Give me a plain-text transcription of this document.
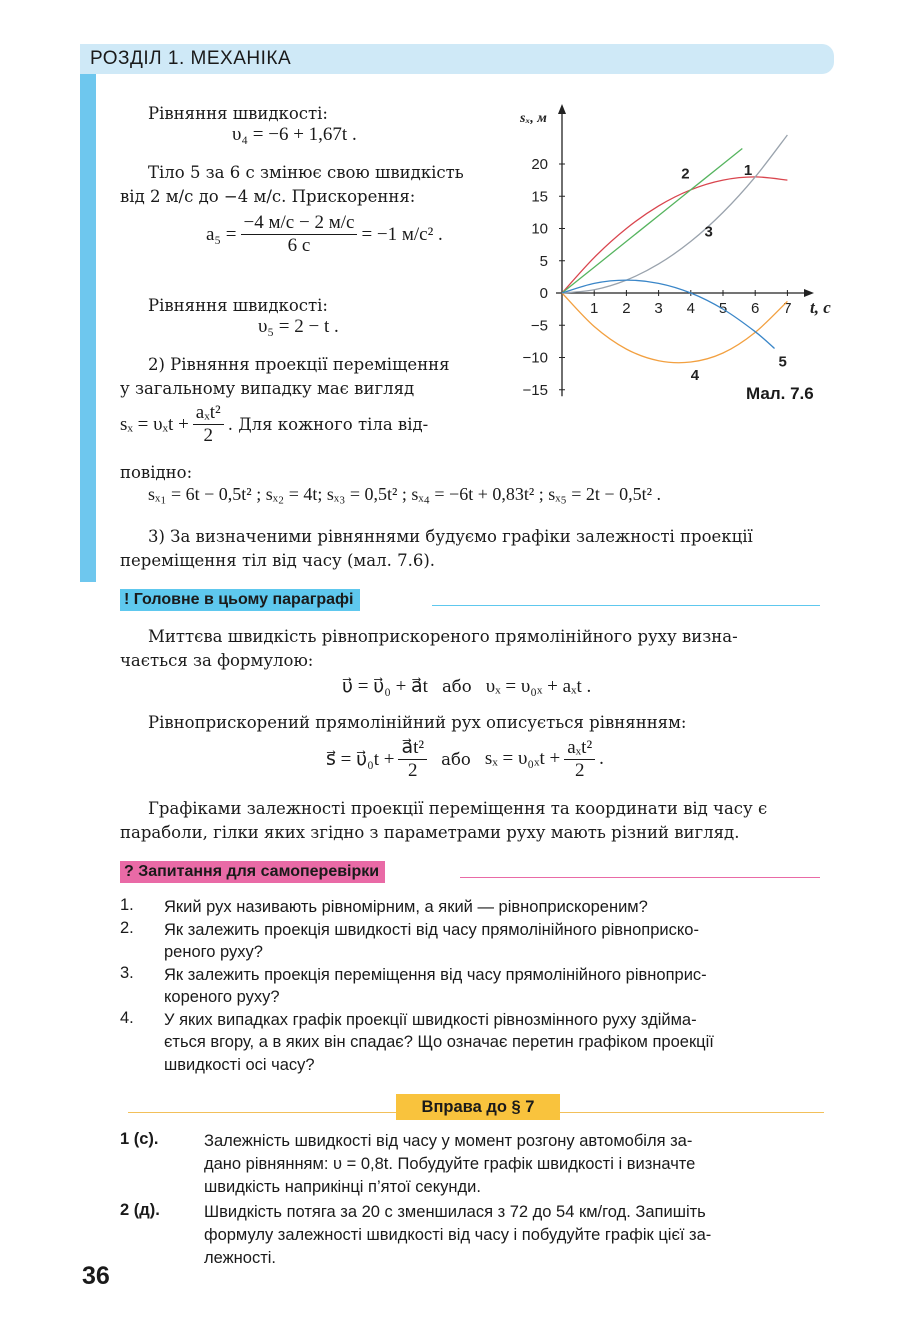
РОЗДІЛ 1. МЕХАНІКА
Рівняння швидкості:
υ₄ = −6 + 1,67t .
Тіло 5 за 6 с змінює свою швидкість
від 2 м/с до −4 м/с. Прискорення:
$a_5 = \frac{-4 м/с - 2 м/с}{6 с} = -1$ м/с² .
Рівняння швидкості:
υ₅ = 2 − t .
2) Рівняння проекції переміщення
у загальному випадку має вигляд
$s_x = \upsilon_xt + \frac{\text{aₓt²}}{2}$ . Для кожного тіла від-
повідно:
sₓ₁ = 6t − 0,5t² ; sₓ₂ = 4t; sₓ₃ = 0,5t² ; sₓ₄ = −6t + 0,83t² ; sₓ₅ = 2t − 0,5t² .
3) За визначеними рівняннями будуємо графіки залежності проекції
переміщення тіл від часу (мал. 7.6).
1 2 3 4 5 6 7 t, с
20
15
10
5
0
−5
−10
−15
sₓ, м
1
2
3
4
5
Мал. 7.6
! Головне в цьому параграфі
Миттєва швидкість рівноприскореного прямолінійного руху визна-
чається за формулою:
υ⃗ = υ⃗₀ + a⃗t або υₓ = υ₀ₓ + aₓt .
Рівноприскорений прямолінійний рух описується рівнянням:
s⃗ = υ⃗₀t + $\frac{\text{a⃗t²}}{2}$ або $s_x = \upsilon_{0x}t + \frac{\text{aₓt²}}{2}$ .
Графіками залежності проекції переміщення та координати від часу є
параболи, гілки яких згідно з параметрами руху мають різний вигляд.
? Запитання для самоперевірки
1. Який рух називають рівномірним, а який — рівноприскореним?
2. Як залежить проекція швидкості від часу прямолінійного рівноприско-
реного руху?
3. Як залежить проекція переміщення від часу прямолінійного рівноприс-
кореного руху?
4. У яких випадках графік проекції швидкості рівнозмінного руху здійма-
ється вгору, а в яких він спадає? Що означає перетин графіком проекції
швидкості осі часу?
Вправа до § 7
1 (с).	Залежність швидкості від часу у момент розгону автомобіля за-
дано рівнянням: υ = 0,8t. Побудуйте графік швидкості і визначте
швидкість наприкінці п’ятої секунди.
2 (д).	Швидкість потяга за 20 с зменшилася з 72 до 54 км/год. Запишіть
формулу залежності швидкості від часу і побудуйте графік цієї за-
лежності.
36
